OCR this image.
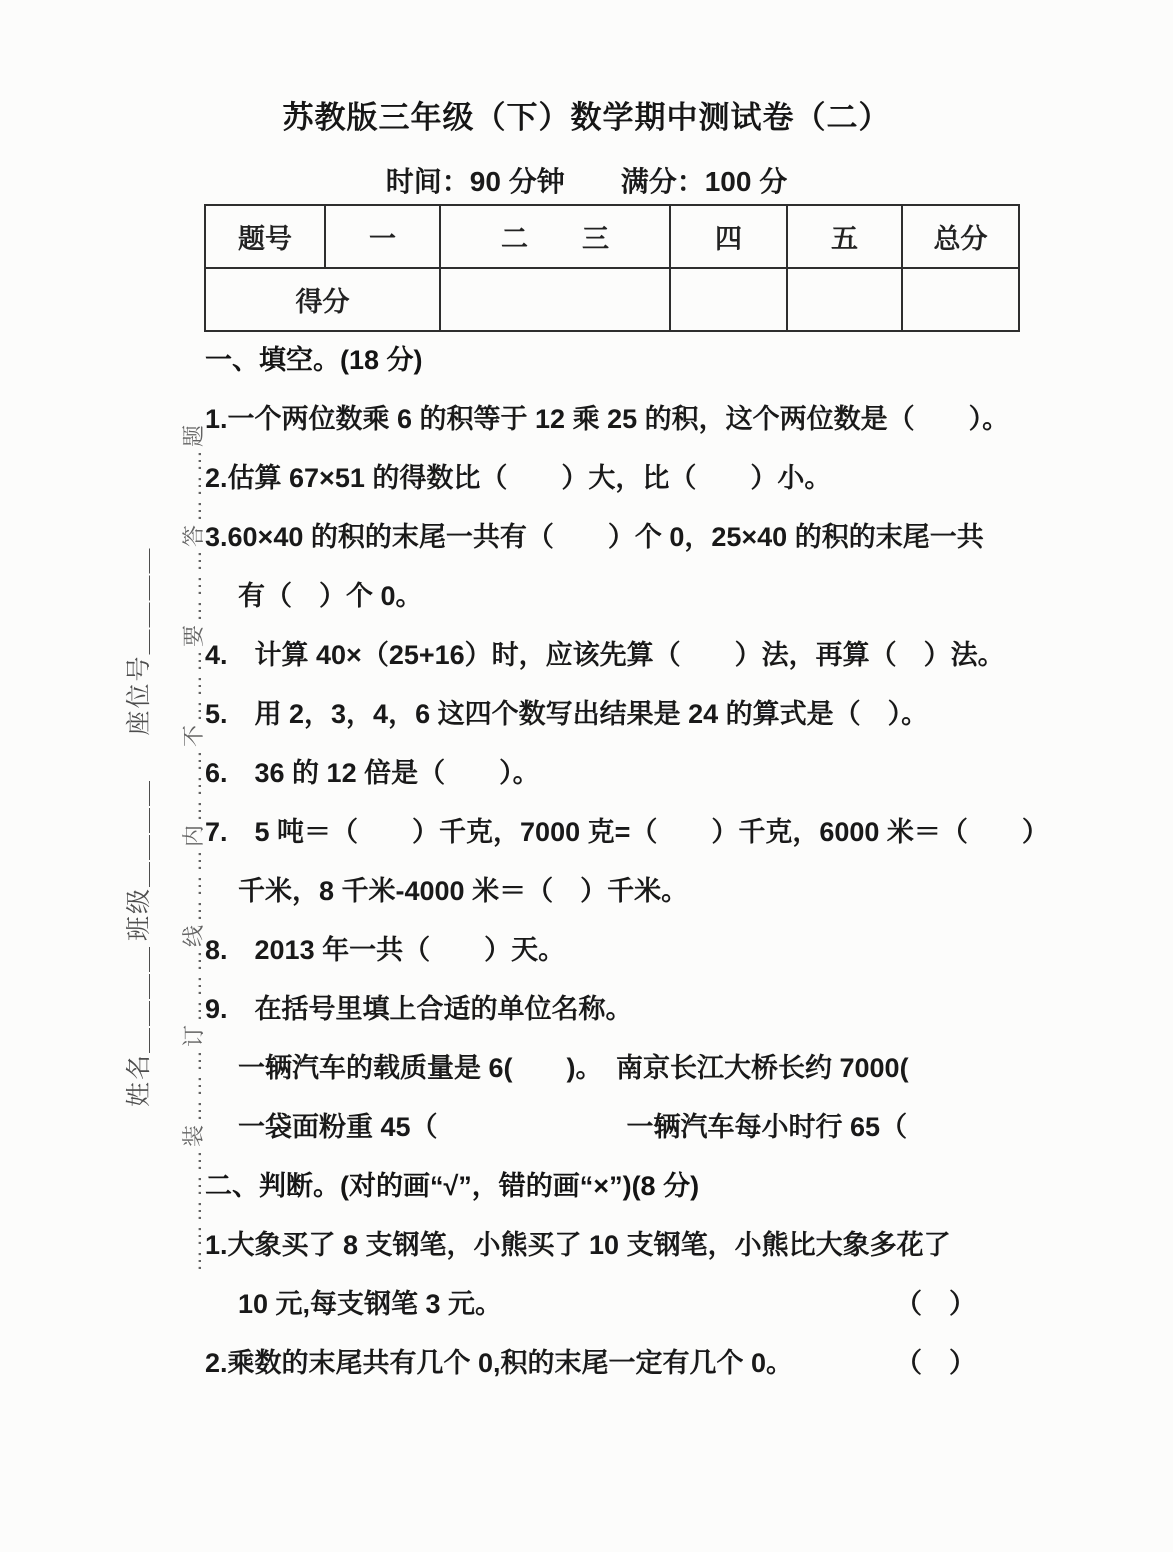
苏教版三年级（下）数学期中测试卷（二）
时间：90 分钟　　满分：100 分
题号	一	二　　三	四	五	总分
得分					
……………装………订………线………内………不………要………答………题
座位号＿＿＿＿
班级＿＿＿＿
姓名＿＿＿＿
一、填空。(18 分)
1.一个两位数乘 6 的积等于 12 乘 25 的积，这个两位数是（　　）。
2.估算 67×51 的得数比（　　）大，比（　　）小。
3.60×40 的积的末尾一共有（　　）个 0，25×40 的积的末尾一共
有（　）个 0。
4.　计算 40×（25+16）时，应该先算（　　）法，再算（　）法。
5.　用 2，3，4，6 这四个数写出结果是 24 的算式是（　）。
6.　36 的 12 倍是（　　）。
7.　5 吨＝（　　）千克，7000 克=（　　）千克，6000 米＝（　　）
千米，8 千米-4000 米＝（　）千米。
8.　2013 年一共（　　）天。
9.　在括号里填上合适的单位名称。
一辆汽车的载质量是 6(　　)。　南京长江大桥长约 7000(
一袋面粉重 45（　　　　　　　一辆汽车每小时行 65（
二、判断。(对的画“√”，错的画“×”)(8 分)
1.大象买了 8 支钢笔，小熊买了 10 支钢笔，小熊比大象多花了
10 元,每支钢笔 3 元。	（　）
2.乘数的末尾共有几个 0,积的末尾一定有几个 0。	（　）
